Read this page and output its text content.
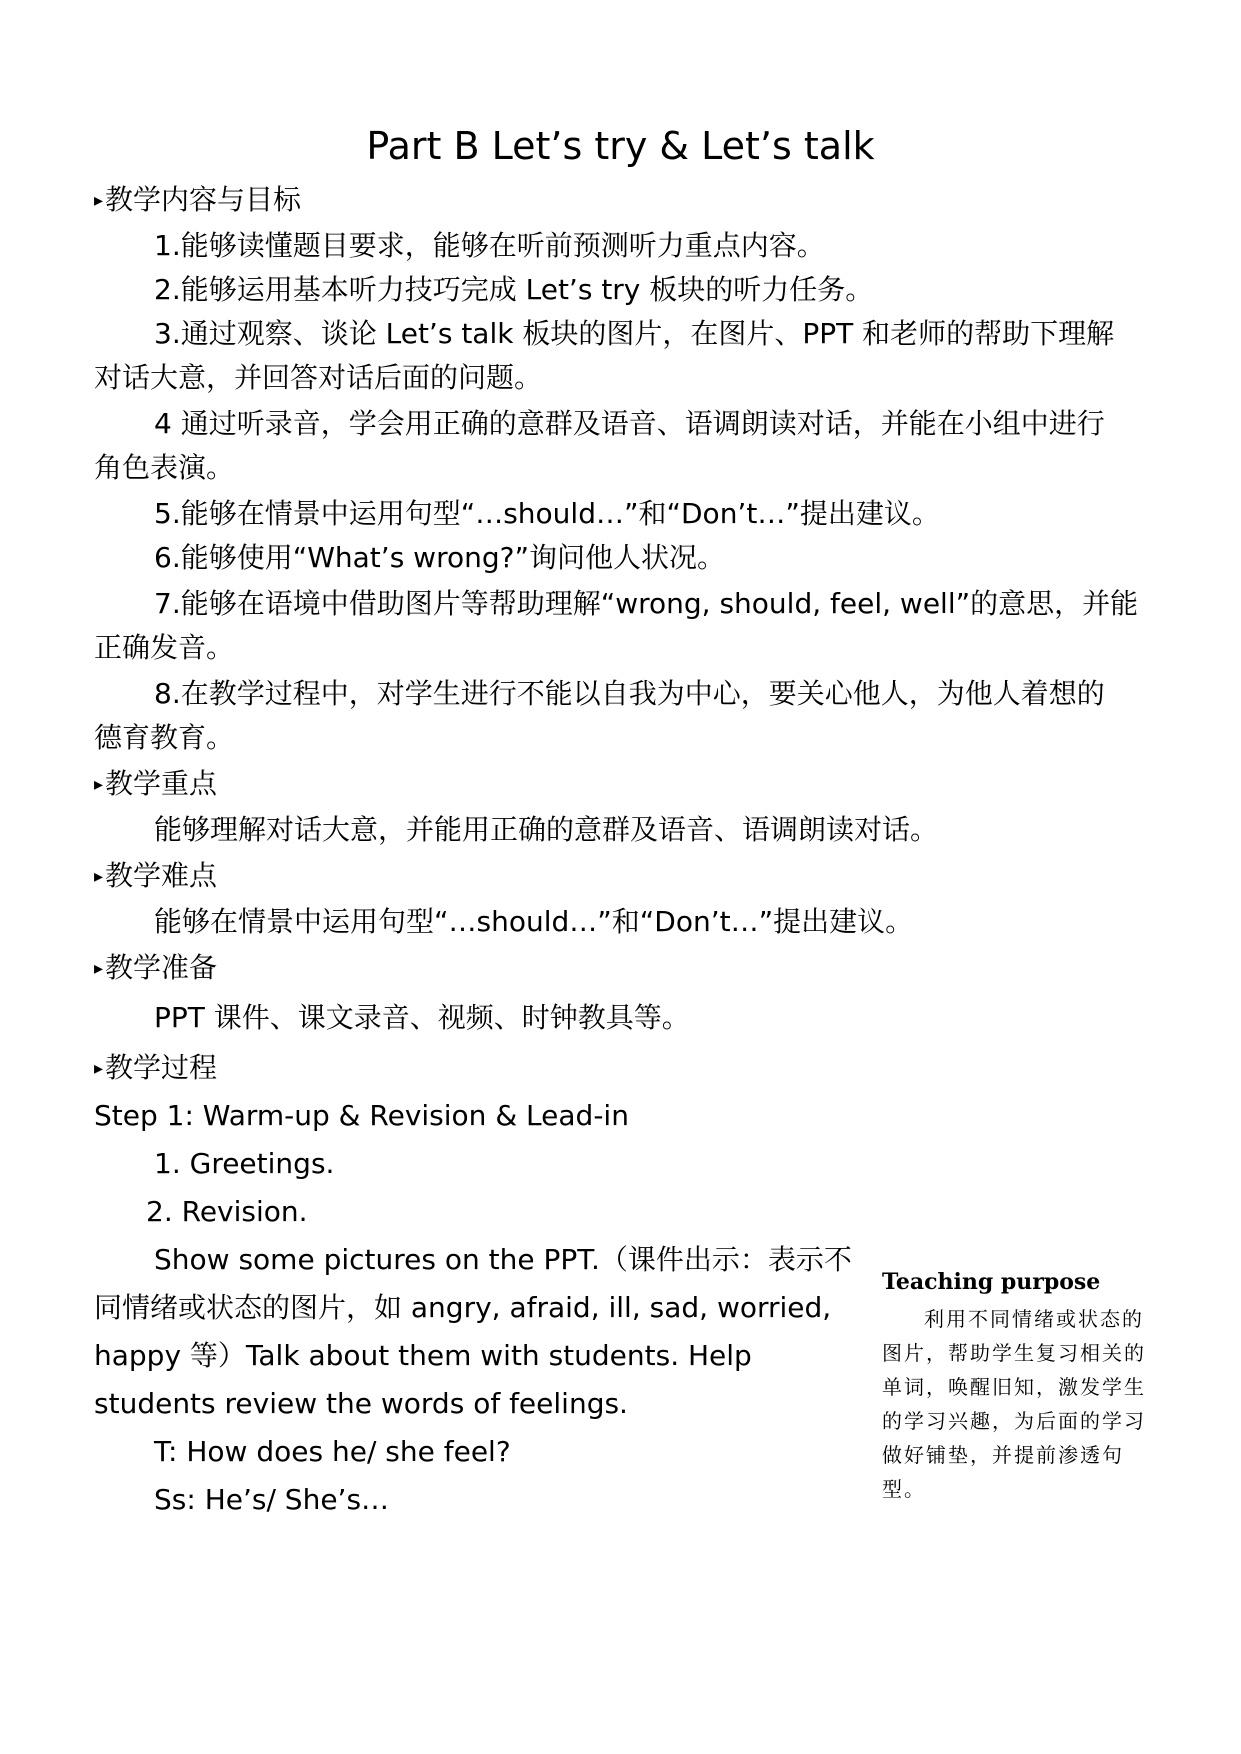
Part B Let’s try & Let’s talk
▸教学内容与目标
1.能够读懂题目要求，能够在听前预测听力重点内容。
2.能够运用基本听力技巧完成 Let’s try 板块的听力任务。
3.通过观察、谈论 Let’s talk 板块的图片，在图片、PPT 和老师的帮助下理解
对话大意，并回答对话后面的问题。
4 通过听录音，学会用正确的意群及语音、语调朗读对话，并能在小组中进行
角色表演。
5.能够在情景中运用句型“…should…”和“Don’t…”提出建议。
6.能够使用“What’s wrong?”询问他人状况。
7.能够在语境中借助图片等帮助理解“wrong, should, feel, well”的意思，并能
正确发音。
8.在教学过程中，对学生进行不能以自我为中心，要关心他人，为他人着想的
德育教育。
▸教学重点
能够理解对话大意，并能用正确的意群及语音、语调朗读对话。
▸教学难点
能够在情景中运用句型“…should…”和“Don’t…”提出建议。
▸教学准备
PPT 课件、课文录音、视频、时钟教具等。
▸教学过程
Step 1: Warm-up & Revision & Lead-in
1. Greetings.
2. Revision.
Show some pictures on the PPT.（课件出示：表示不
同情绪或状态的图片，如 angry, afraid, ill, sad, worried,
happy 等）Talk about them with students. Help
students review the words of feelings.
T: How does he/ she feel?
Ss: He’s/ She’s…
Teaching purpose
利用不同情绪或状态的图片，帮助学生复习相关的单词，唤醒旧知，激发学生的学习兴趣，为后面的学习做好铺垫，并提前渗透句型。
